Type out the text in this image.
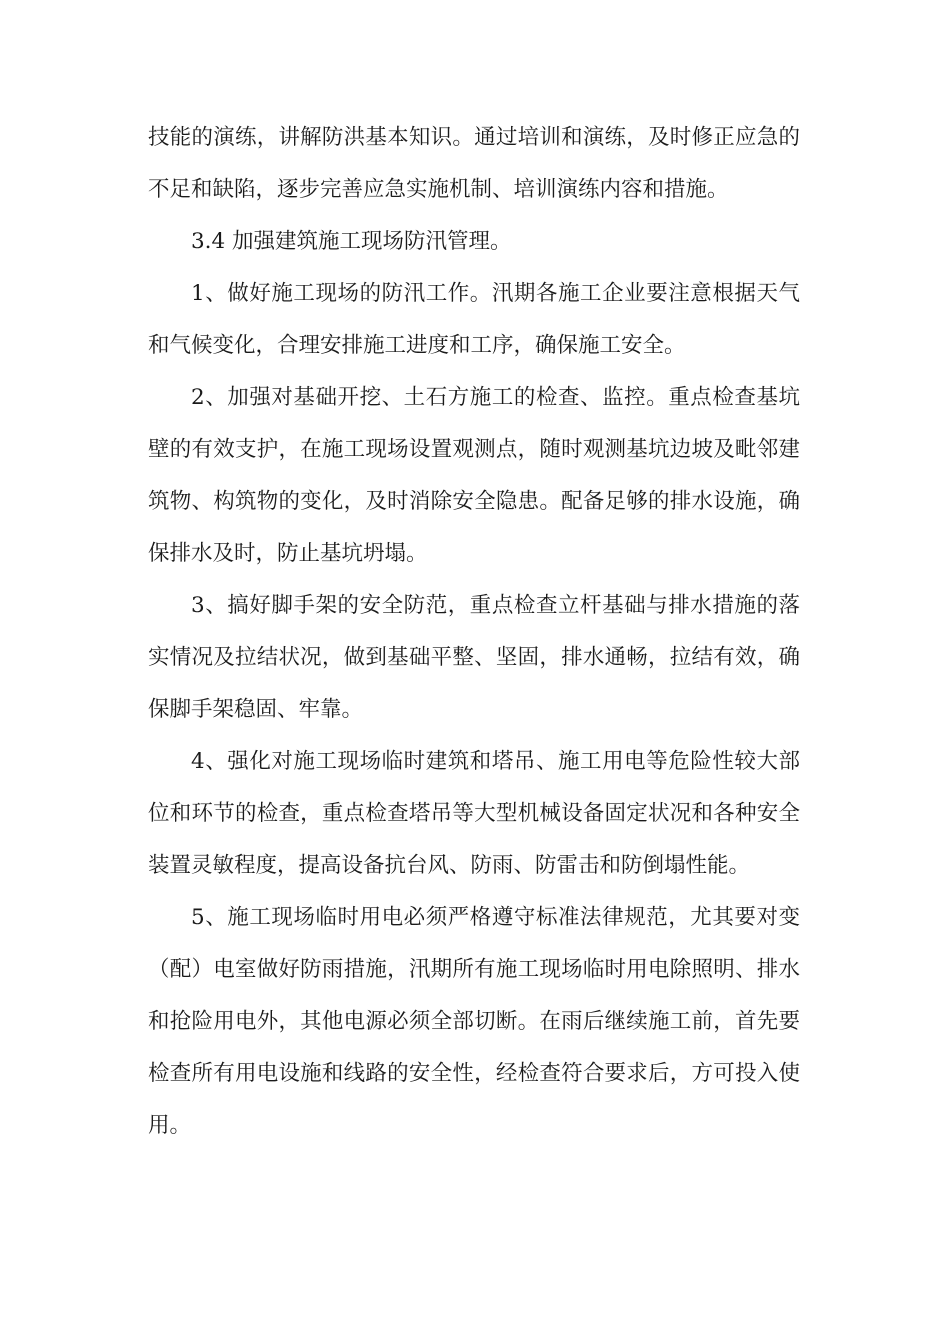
技能的演练，讲解防洪基本知识。通过培训和演练，及时修正应急的不足和缺陷，逐步完善应急实施机制、培训演练内容和措施。

3.4 加强建筑施工现场防汛管理。

1、做好施工现场的防汛工作。汛期各施工企业要注意根据天气和气候变化，合理安排施工进度和工序，确保施工安全。

2、加强对基础开挖、土石方施工的检查、监控。重点检查基坑壁的有效支护，在施工现场设置观测点，随时观测基坑边坡及毗邻建筑物、构筑物的变化，及时消除安全隐患。配备足够的排水设施，确保排水及时，防止基坑坍塌。

3、搞好脚手架的安全防范，重点检查立杆基础与排水措施的落实情况及拉结状况，做到基础平整、坚固，排水通畅，拉结有效，确保脚手架稳固、牢靠。

4、强化对施工现场临时建筑和塔吊、施工用电等危险性较大部位和环节的检查，重点检查塔吊等大型机械设备固定状况和各种安全装置灵敏程度，提高设备抗台风、防雨、防雷击和防倒塌性能。

5、施工现场临时用电必须严格遵守标准法律规范，尤其要对变（配）电室做好防雨措施，汛期所有施工现场临时用电除照明、排水和抢险用电外，其他电源必须全部切断。在雨后继续施工前，首先要检查所有用电设施和线路的安全性，经检查符合要求后，方可投入使用。
